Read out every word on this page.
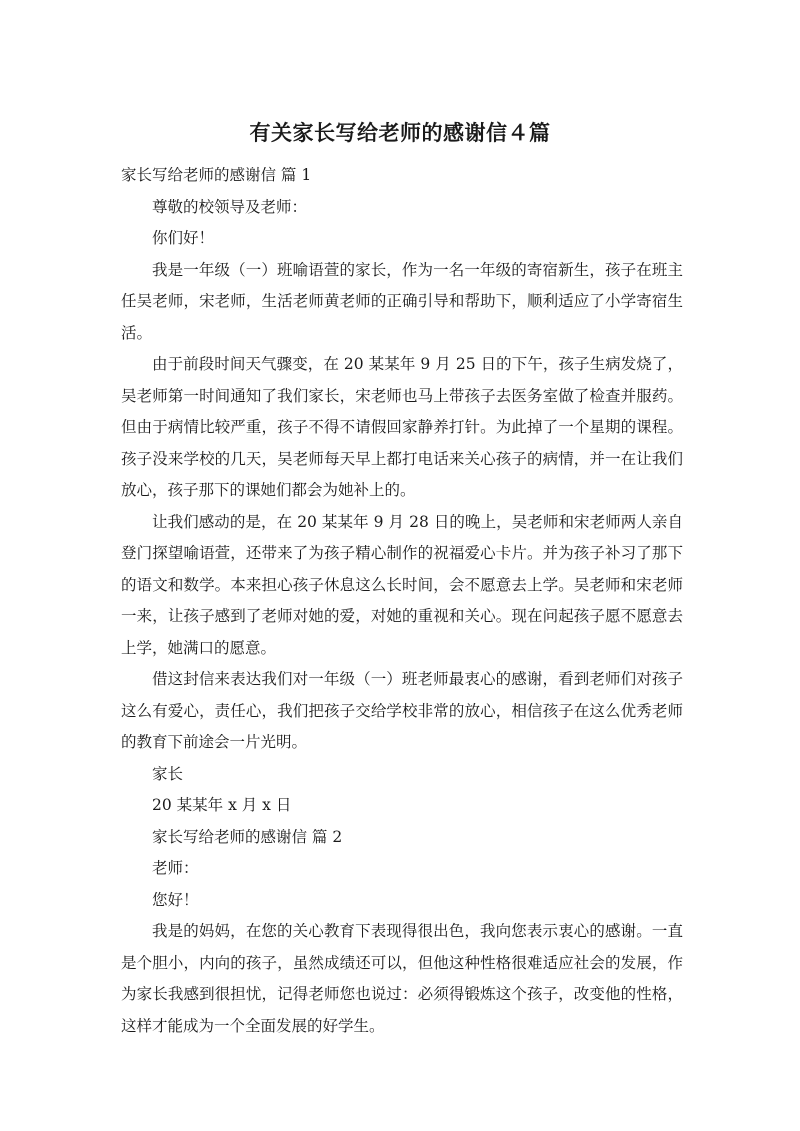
有关家长写给老师的感谢信４篇

家长写给老师的感谢信 篇 1

尊敬的校领导及老师：

你们好！

我是一年级（一）班喻语萱的家长，作为一名一年级的寄宿新生，孩子在班主任吴老师，宋老师，生活老师黄老师的正确引导和帮助下，顺利适应了小学寄宿生活。

由于前段时间天气骤变，在 20 某某年 9 月 25 日的下午，孩子生病发烧了，吴老师第一时间通知了我们家长，宋老师也马上带孩子去医务室做了检查并服药。但由于病情比较严重，孩子不得不请假回家静养打针。为此掉了一个星期的课程。孩子没来学校的几天，吴老师每天早上都打电话来关心孩子的病情，并一在让我们放心，孩子那下的课她们都会为她补上的。

让我们感动的是，在 20 某某年 9 月 28 日的晚上，吴老师和宋老师两人亲自登门探望喻语萱，还带来了为孩子精心制作的祝福爱心卡片。并为孩子补习了那下的语文和数学。本来担心孩子休息这么长时间，会不愿意去上学。吴老师和宋老师一来，让孩子感到了老师对她的爱，对她的重视和关心。现在问起孩子愿不愿意去上学，她满口的愿意。

借这封信来表达我们对一年级（一）班老师最衷心的感谢，看到老师们对孩子这么有爱心，责任心，我们把孩子交给学校非常的放心，相信孩子在这么优秀老师的教育下前途会一片光明。

家长

20 某某年 x 月 x 日

家长写给老师的感谢信 篇 2

老师：

您好！

我是的妈妈，在您的关心教育下表现得很出色，我向您表示衷心的感谢。一直是个胆小，内向的孩子，虽然成绩还可以，但他这种性格很难适应社会的发展，作为家长我感到很担忧，记得老师您也说过：必须得锻炼这个孩子，改变他的性格，这样才能成为一个全面发展的好学生。
